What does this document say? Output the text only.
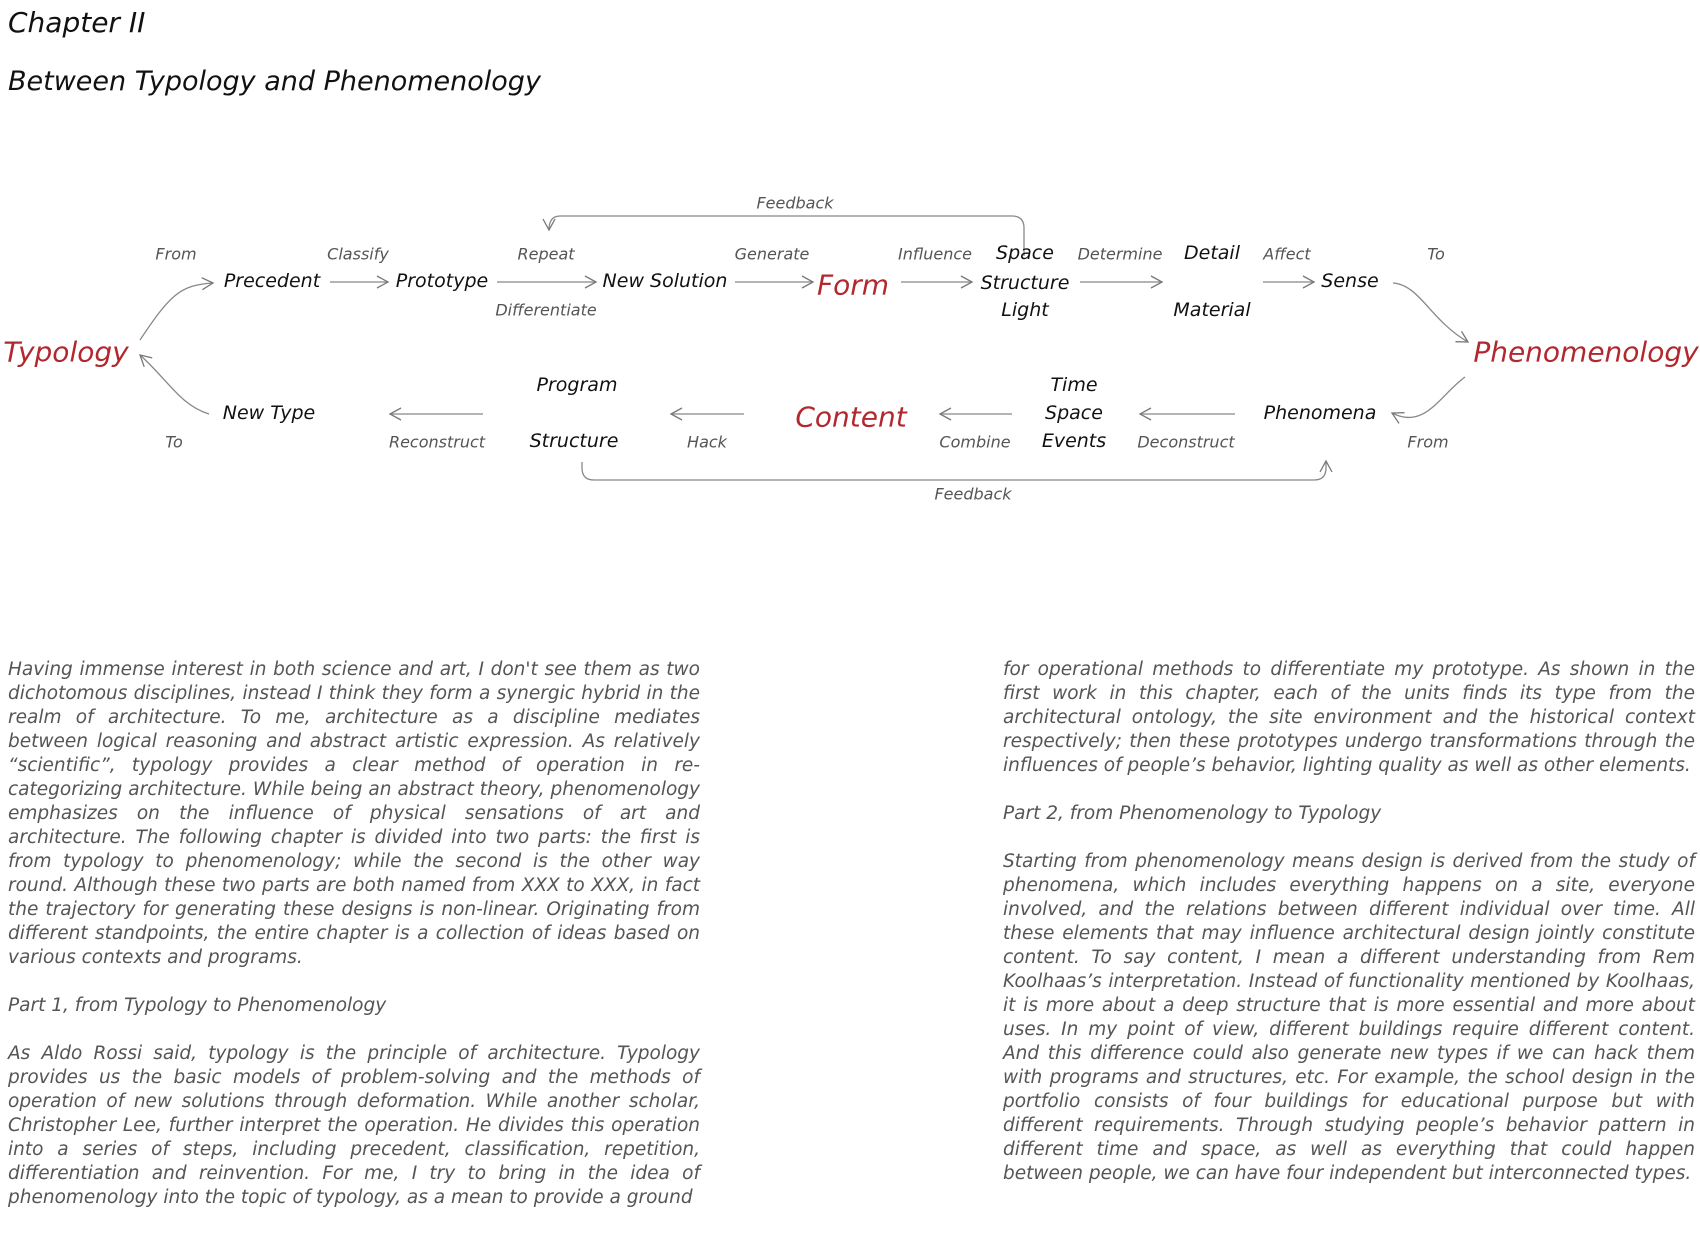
Chapter II
Between Typology and Phenomenology
Typology	Phenomenology
Form
Content
From	Classify	Repeat
Differentiate
Generate	Influence	Determine	Affect	To
Feedback
Precedent	Prototype	New Solution
Space
Structure
Light
Detail
Material
Sense
To	Reconstruct	Hack	Combine	Deconstruct	From
Feedback
New Type
Program
Structure
Time
Space
Events
Phenomena

Having immense interest in both science and art, I don't see them as two dichotomous disciplines, instead I think they form a synergic hybrid in the realm of architecture. To me, architecture as a discipline mediates between logical reasoning and abstract artistic expression. As relatively “scientific”, typology provides a clear method of operation in re-categorizing architecture. While being an abstract theory, phenomenology emphasizes on the influence of physical sensations of art and architecture. The following chapter is divided into two parts: the first is from typology to phenomenology; while the second is the other way round. Although these two parts are both named from XXX to XXX, in fact the trajectory for generating these designs is non-linear. Originating from different standpoints, the entire chapter is a collection of ideas based on various contexts and programs.

Part 1, from Typology to Phenomenology

As Aldo Rossi said, typology is the principle of architecture. Typology provides us the basic models of problem-solving and the methods of operation of new solutions through deformation. While another scholar, Christopher Lee, further interpret the operation. He divides this operation into a series of steps, including precedent, classification, repetition, differentiation and reinvention. For me, I try to bring in the idea of phenomenology into the topic of typology, as a mean to provide a ground

for operational methods to differentiate my prototype. As shown in the first work in this chapter, each of the units finds its type from the architectural ontology, the site environment and the historical context respectively; then these prototypes undergo transformations through the influences of people’s behavior, lighting quality as well as other elements.

Part 2, from Phenomenology to Typology

Starting from phenomenology means design is derived from the study of phenomena, which includes everything happens on a site, everyone involved, and the relations between different individual over time. All these elements that may influence architectural design jointly constitute content. To say content, I mean a different understanding from Rem Koolhaas’s interpretation. Instead of functionality mentioned by Koolhaas, it is more about a deep structure that is more essential and more about uses. In my point of view, different buildings require different content. And this difference could also generate new types if we can hack them with programs and structures, etc. For example, the school design in the portfolio consists of four buildings for educational purpose but with different requirements. Through studying people’s behavior pattern in different time and space, as well as everything that could happen between people, we can have four independent but interconnected types.
